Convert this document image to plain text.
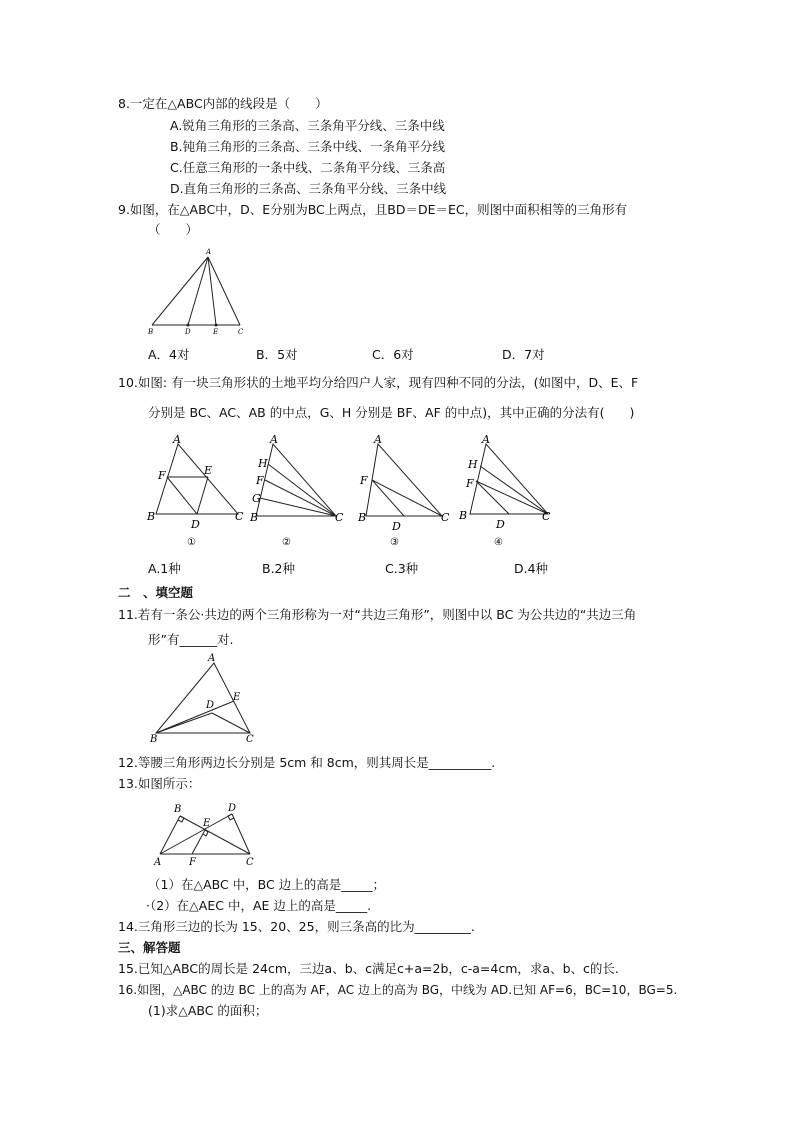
8.一定在△ABC内部的线段是（　　）
A.锐角三角形的三条高、三条角平分线、三条中线
B.钝角三角形的三条高、三条中线、一条角平分线
C.任意三角形的一条中线、二条角平分线、三条高
D.直角三角形的三条高、三条角平分线、三条中线
9.如图，在△ABC中，D、E分别为BC上两点，且BD＝DE＝EC，则图中面积相等的三角形有
（　　）
A
B	D	E	C
A．4对	B．5对	C．6对	D．7对
10.如图: 有一块三角形状的土地平均分给四户人家，现有四种不同的分法，(如图中，D、E、F
分别是 BC、AC、AB 的中点，G、H 分别是 BF、AF 的中点)，其中正确的分法有(　　)
A
F	E
B
D
C
①
A
H
F
G
B	C
②
A
F
B
D
C
③
A
H
F
B
D
C
④
A.1种	B.2种	C.3种	D.4种
二　、填空题
11.若有一条公·共边的两个三角形称为一对“共边三角形”，则图中以 BC 为公共边的“共边三角
形”有______对.
A
E
D
B	C
12.等腰三角形两边长分别是 5cm 和 8cm，则其周长是__________.
13.如图所示：
B	D
E
A	F	C
（1）在△ABC 中，BC 边上的高是_____；
·（2）在△AEC 中，AE 边上的高是_____.
14.三角形三边的长为 15、20、25，则三条高的比为_________.
三、解答题
15.已知△ABC的周长是 24cm，三边a、b、c满足c+a=2b，c-a=4cm，求a、b、c的长.
16.如图，△ABC 的边 BC 上的高为 AF，AC 边上的高为 BG，中线为 AD.已知 AF=6，BC=10，BG=5.
(1)求△ABC 的面积；
